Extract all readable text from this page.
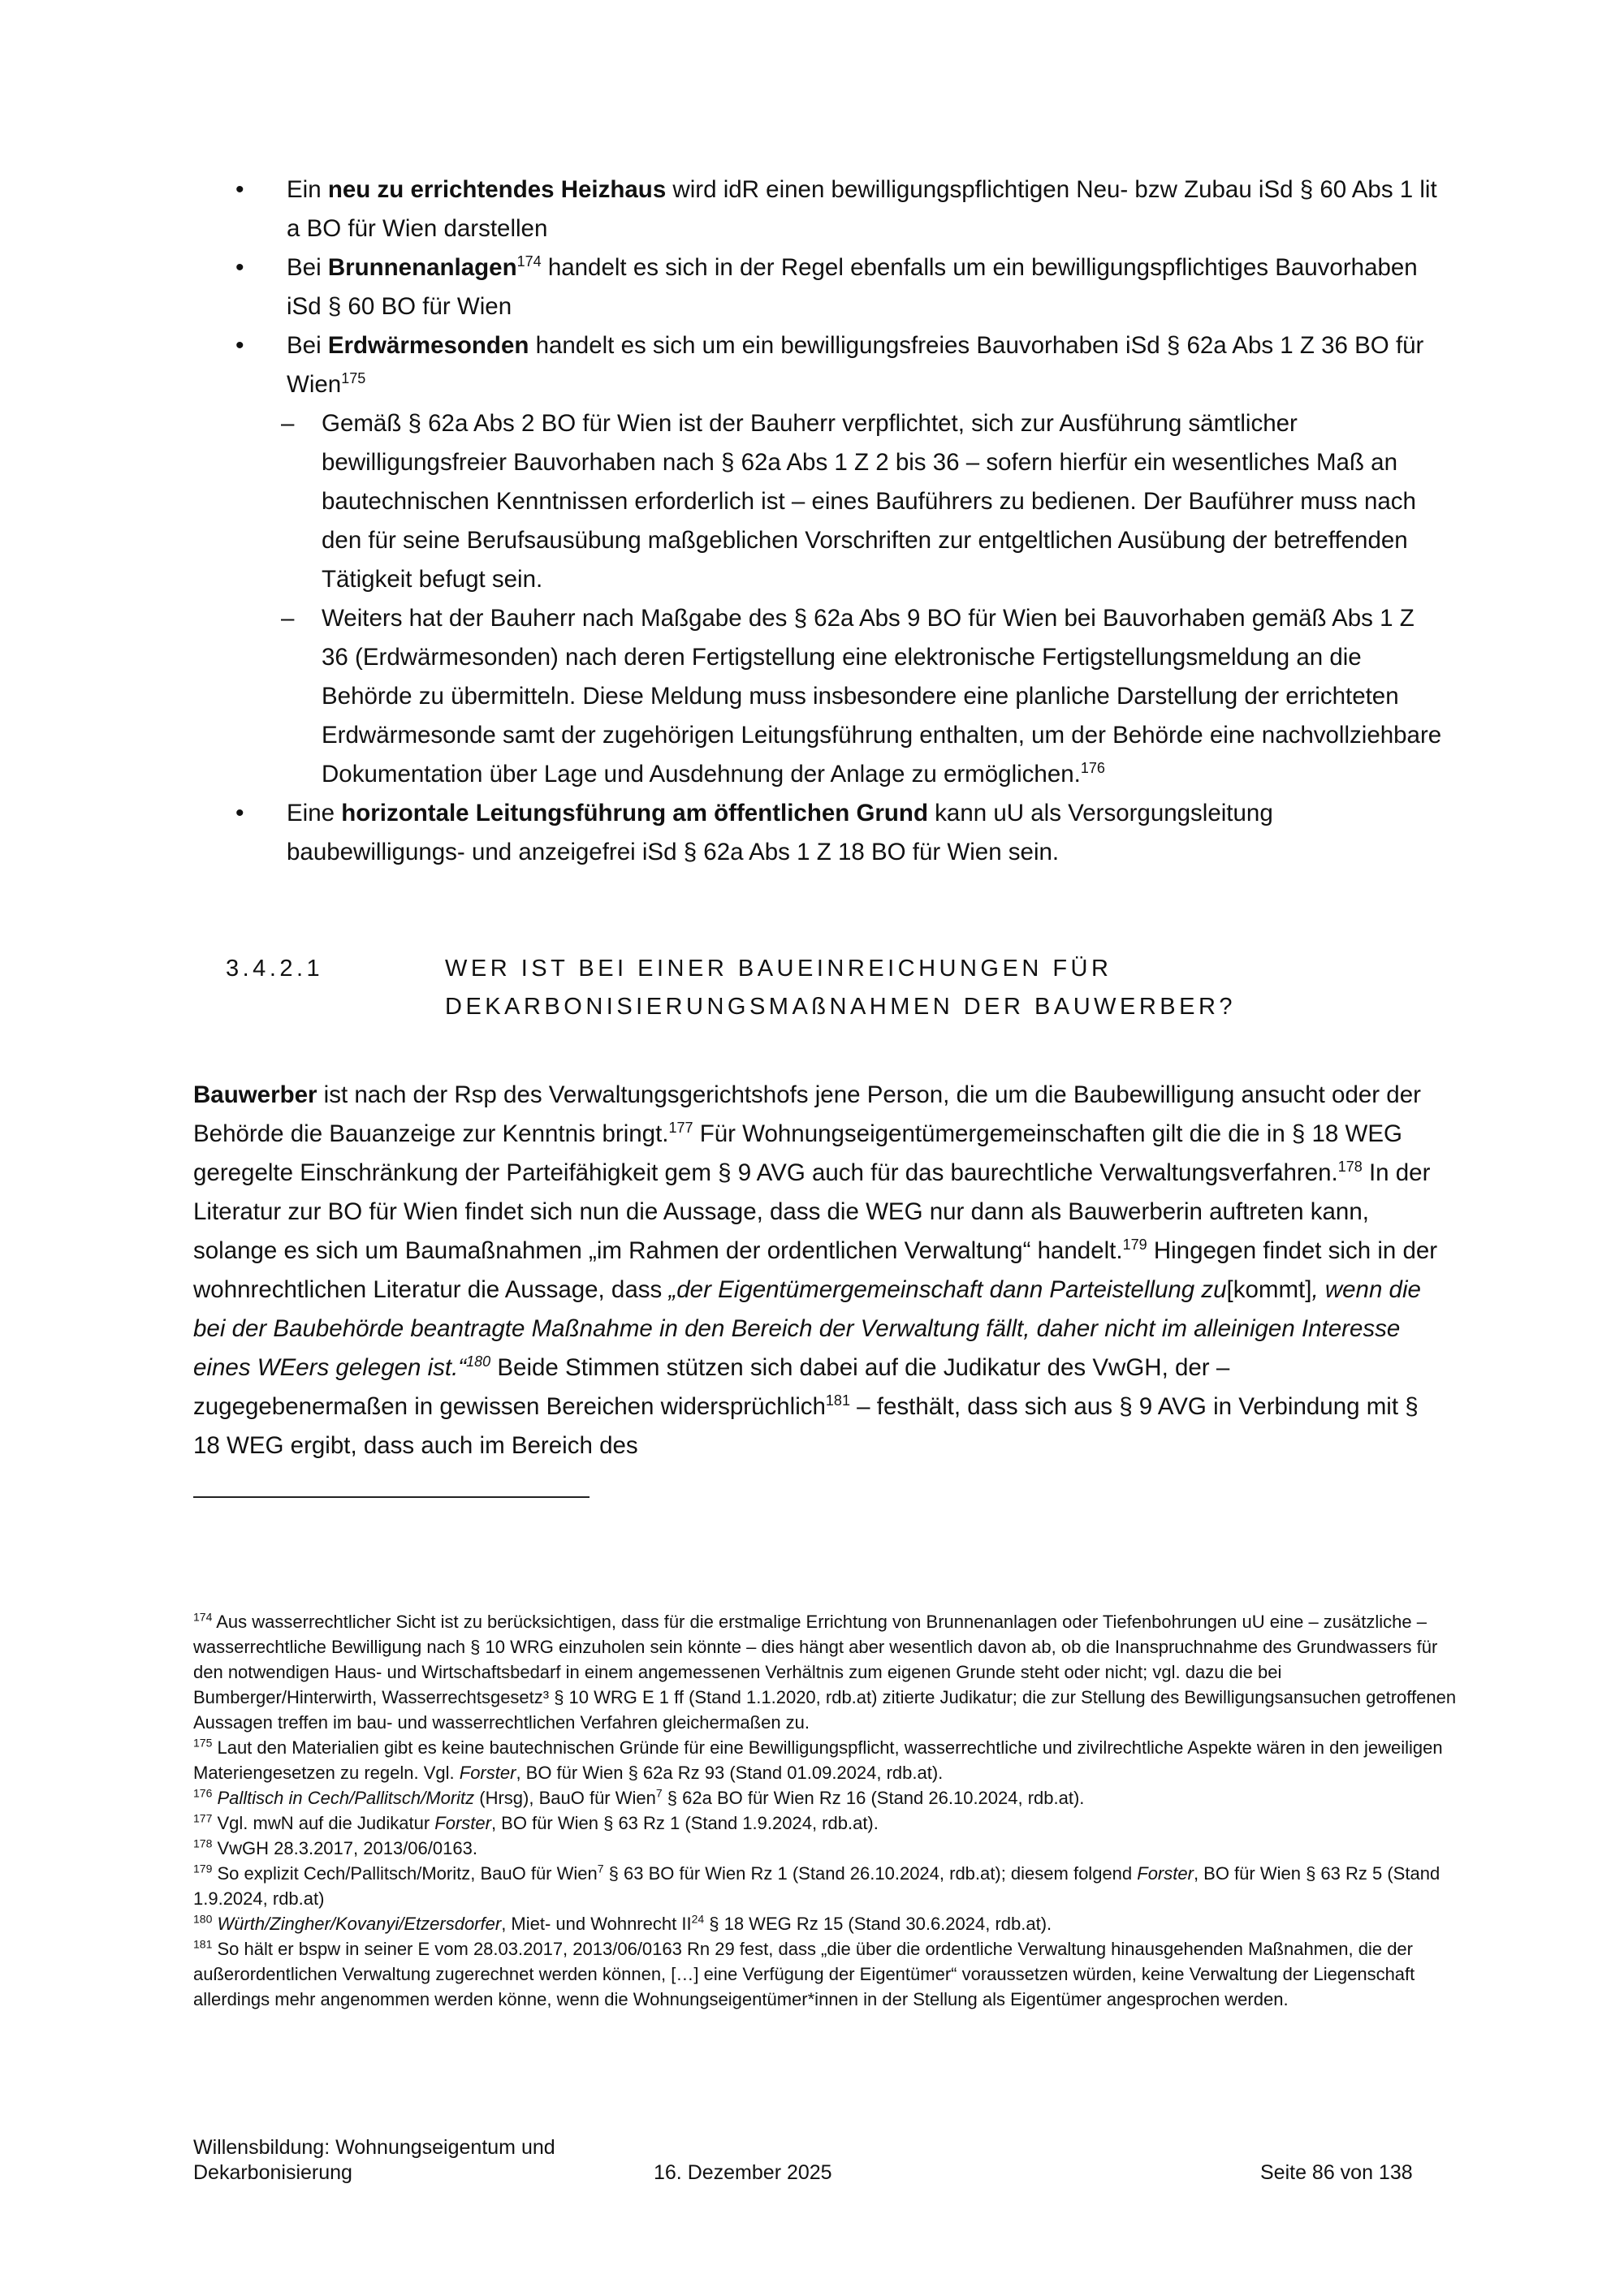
• Ein neu zu errichtendes Heizhaus wird idR einen bewilligungspflichtigen Neu- bzw Zubau iSd § 60 Abs 1 lit a BO für Wien darstellen
• Bei Brunnenanlagen$^{174}$ handelt es sich in der Regel ebenfalls um ein bewilligungspflichtiges Bauvorhaben iSd § 60 BO für Wien
• Bei Erdwärmesonden handelt es sich um ein bewilligungsfreies Bauvorhaben iSd § 62a Abs 1 Z 36 BO für Wien$^{175}$
– Gemäß § 62a Abs 2 BO für Wien ist der Bauherr verpflichtet, sich zur Ausführung sämtlicher bewilligungsfreier Bauvorhaben nach § 62a Abs 1 Z 2 bis 36 – sofern hierfür ein wesentliches Maß an bautechnischen Kenntnissen erforderlich ist – eines Bauführers zu bedienen. Der Bauführer muss nach den für seine Berufsausübung maßgeblichen Vorschriften zur entgeltlichen Ausübung der betreffenden Tätigkeit befugt sein.
– Weiters hat der Bauherr nach Maßgabe des § 62a Abs 9 BO für Wien bei Bauvorhaben gemäß Abs 1 Z 36 (Erdwärmesonden) nach deren Fertigstellung eine elektronische Fertigstellungsmeldung an die Behörde zu übermitteln. Diese Meldung muss insbesondere eine planliche Darstellung der errichteten Erdwärmesonde samt der zugehörigen Leitungsführung enthalten, um der Behörde eine nachvollziehbare Dokumentation über Lage und Ausdehnung der Anlage zu ermöglichen.$^{176}$
• Eine horizontale Leitungsführung am öffentlichen Grund kann uU als Versorgungsleitung baubewilligungs- und anzeigefrei iSd § 62a Abs 1 Z 18 BO für Wien sein.
3.4.2.1	WER IST BEI EINER BAUEINREICHUNGEN FÜR DEKARBONISIERUNGSMAßNAHMEN DER BAUWERBER?
Bauwerber ist nach der Rsp des Verwaltungsgerichtshofs jene Person, die um die Baubewilligung ansucht oder der Behörde die Bauanzeige zur Kenntnis bringt.$^{177}$ Für Wohnungseigentümergemeinschaften gilt die die in § 18 WEG geregelte Einschränkung der Parteifähigkeit gem § 9 AVG auch für das baurechtliche Verwaltungsverfahren.$^{178}$ In der Literatur zur BO für Wien findet sich nun die Aussage, dass die WEG nur dann als Bauwerberin auftreten kann, solange es sich um Baumaßnahmen „im Rahmen der ordentlichen Verwaltung“ handelt.$^{179}$ Hingegen findet sich in der wohnrechtlichen Literatur die Aussage, dass „der Eigentümergemeinschaft dann Parteistellung zu[kommt], wenn die bei der Baubehörde beantragte Maßnahme in den Bereich der Verwaltung fällt, daher nicht im alleinigen Interesse eines WEers gelegen ist.“$^{180}$ Beide Stimmen stützen sich dabei auf die Judikatur des VwGH, der – zugegebenermaßen in gewissen Bereichen widersprüchlich$^{181}$ – festhält, dass sich aus § 9 AVG in Verbindung mit § 18 WEG ergibt, dass auch im Bereich des

$^{174}$ Aus wasserrechtlicher Sicht ist zu berücksichtigen, dass für die erstmalige Errichtung von Brunnenanlagen oder Tiefenbohrungen uU eine – zusätzliche – wasserrechtliche Bewilligung nach § 10 WRG einzuholen sein könnte – dies hängt aber wesentlich davon ab, ob die Inanspruchnahme des Grundwassers für den notwendigen Haus- und Wirtschaftsbedarf in einem angemessenen Verhältnis zum eigenen Grunde steht oder nicht; vgl. dazu die bei Bumberger/Hinterwirth, Wasserrechtsgesetz³ § 10 WRG E 1 ff (Stand 1.1.2020, rdb.at) zitierte Judikatur; die zur Stellung des Bewilligungsansuchen getroffenen Aussagen treffen im bau- und wasserrechtlichen Verfahren gleichermaßen zu.

$^{175}$ Laut den Materialien gibt es keine bautechnischen Gründe für eine Bewilligungspflicht, wasserrechtliche und zivilrechtliche Aspekte wären in den jeweiligen Materiengesetzen zu regeln. Vgl. Forster, BO für Wien § 62a Rz 93 (Stand 01.09.2024, rdb.at).

$^{176}$ Palltisch in Cech/Pallitsch/Moritz (Hrsg), BauO für Wien$^7$ § 62a BO für Wien Rz 16 (Stand 26.10.2024, rdb.at).

$^{177}$ Vgl. mwN auf die Judikatur Forster, BO für Wien § 63 Rz 1 (Stand 1.9.2024, rdb.at).

$^{178}$ VwGH 28.3.2017, 2013/06/0163.

$^{179}$ So explizit Cech/Pallitsch/Moritz, BauO für Wien$^7$ § 63 BO für Wien Rz 1 (Stand 26.10.2024, rdb.at); diesem folgend Forster, BO für Wien § 63 Rz 5 (Stand 1.9.2024, rdb.at)

$^{180}$ Würth/Zingher/Kovanyi/Etzersdorfer, Miet- und Wohnrecht II$^{24}$ § 18 WEG Rz 15 (Stand 30.6.2024, rdb.at).

$^{181}$ So hält er bspw in seiner E vom 28.03.2017, 2013/06/0163 Rn 29 fest, dass „die über die ordentliche Verwaltung hinausgehenden Maßnahmen, die der außerordentlichen Verwaltung zugerechnet werden können, […] eine Verfügung der Eigentümer“ voraussetzen würden, keine Verwaltung der Liegenschaft allerdings mehr angenommen werden könne, wenn die Wohnungseigentümer*innen in der Stellung als Eigentümer angesprochen werden.

Willensbildung: Wohnungseigentum und
Dekarbonisierung	16. Dezember 2025	Seite 86 von 138
